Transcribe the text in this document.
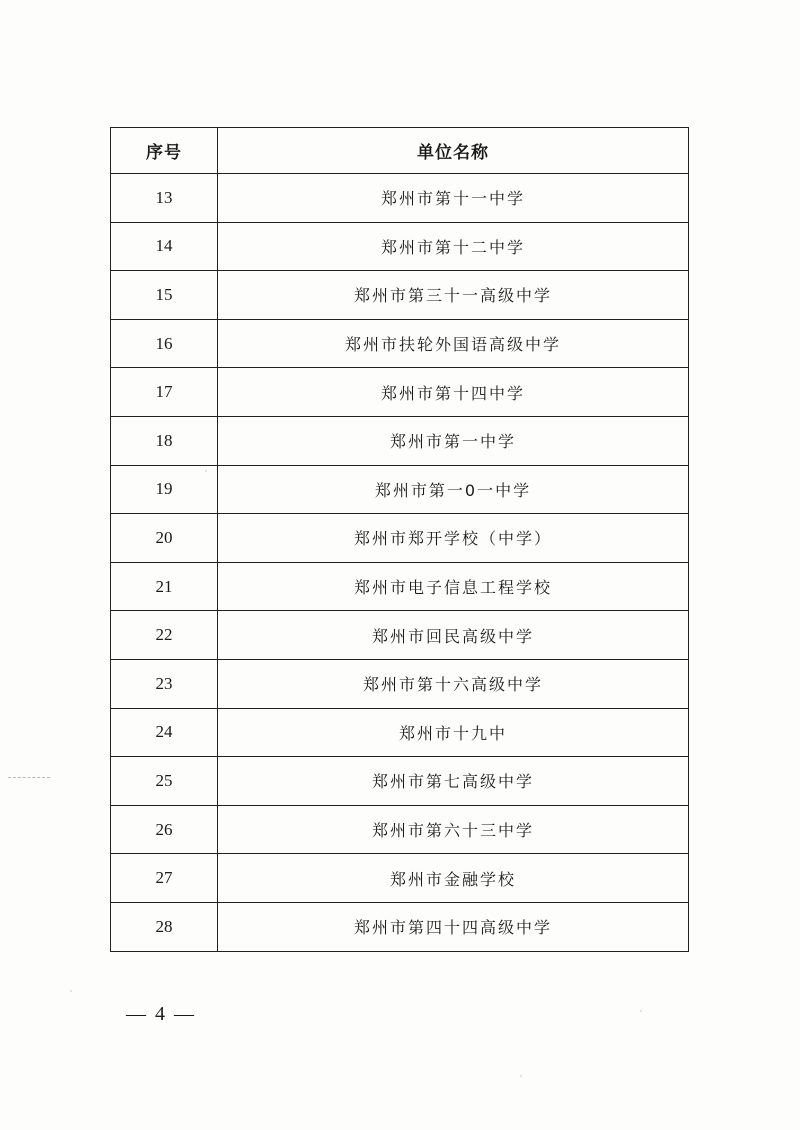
序号	单位名称
13	郑州市第十一中学
14	郑州市第十二中学
15	郑州市第三十一高级中学
16	郑州市扶轮外国语高级中学
17	郑州市第十四中学
18	郑州市第一中学
19	郑州市第一0一中学
20	郑州市郑开学校（中学）
21	郑州市电子信息工程学校
22	郑州市回民高级中学
23	郑州市第十六高级中学
24	郑州市十九中
25	郑州市第七高级中学
26	郑州市第六十三中学
27	郑州市金融学校
28	郑州市第四十四高级中学
— 4 —
